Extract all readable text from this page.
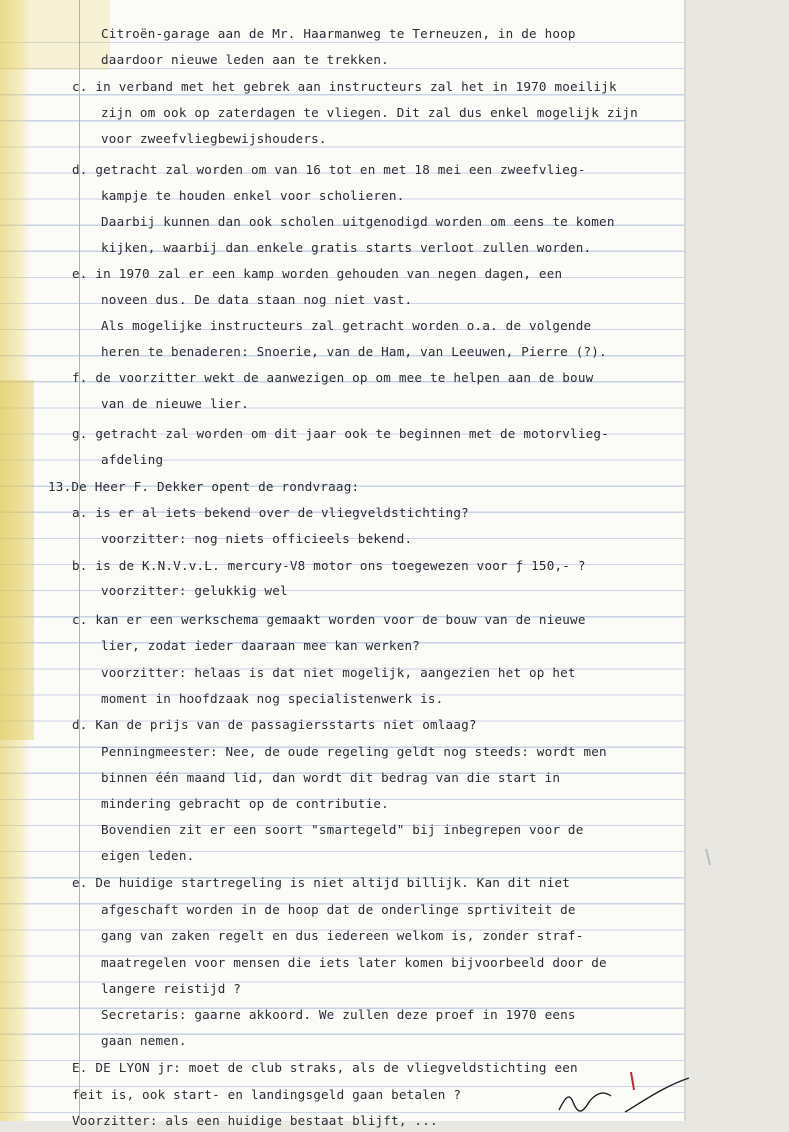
Citroën-garage aan de Mr. Haarmanweg te Terneuzen, in de hoop
daardoor nieuwe leden aan te trekken.
c. in verband met het gebrek aan instructeurs zal het in 1970 moeilijk
zijn om ook op zaterdagen te vliegen. Dit zal dus enkel mogelijk zijn
voor zweefvliegbewijshouders.
d. getracht zal worden om van 16 tot en met 18 mei een zweefvlieg-
kampje te houden enkel voor scholieren.
Daarbij kunnen dan ook scholen uitgenodigd worden om eens te komen
kijken, waarbij dan enkele gratis starts verloot zullen worden.
e. in 1970 zal er een kamp worden gehouden van negen dagen, een
noveen dus. De data staan nog niet vast.
Als mogelijke instructeurs zal getracht worden o.a. de volgende
heren te benaderen: Snoerie, van de Ham, van Leeuwen, Pierre (?).
f. de voorzitter wekt de aanwezigen op om mee te helpen aan de bouw
van de nieuwe lier.
g. getracht zal worden om dit jaar ook te beginnen met de motorvlieg-
afdeling
13.De Heer F. Dekker opent de rondvraag:
a. is er al iets bekend over de vliegveldstichting?
voorzitter: nog niets officieels bekend.
b. is de K.N.V.v.L. mercury-V8 motor ons toegewezen voor ƒ 150,- ?
voorzitter: gelukkig wel
c. kan er een werkschema gemaakt worden voor de bouw van de nieuwe
lier, zodat ieder daaraan mee kan werken?
voorzitter: helaas is dat niet mogelijk, aangezien het op het
moment in hoofdzaak nog specialistenwerk is.
d. Kan de prijs van de passagiersstarts niet omlaag?
Penningmeester: Nee, de oude regeling geldt nog steeds: wordt men
binnen één maand lid, dan wordt dit bedrag van die start in
mindering gebracht op de contributie.
Bovendien zit er een soort "smartegeld" bij inbegrepen voor de
eigen leden.
e. De huidige startregeling is niet altijd billijk. Kan dit niet
afgeschaft worden in de hoop dat de onderlinge sprtiviteit de
gang van zaken regelt en dus iedereen welkom is, zonder straf-
maatregelen voor mensen die iets later komen bijvoorbeeld door de
langere reistijd ?
Secretaris: gaarne akkoord. We zullen deze proef in 1970 eens
gaan nemen.
E. DE LYON jr: moet de club straks, als de vliegveldstichting een
feit is, ook start- en landingsgeld gaan betalen ?
Voorzitter: als een huidige bestaat blijft, ...
